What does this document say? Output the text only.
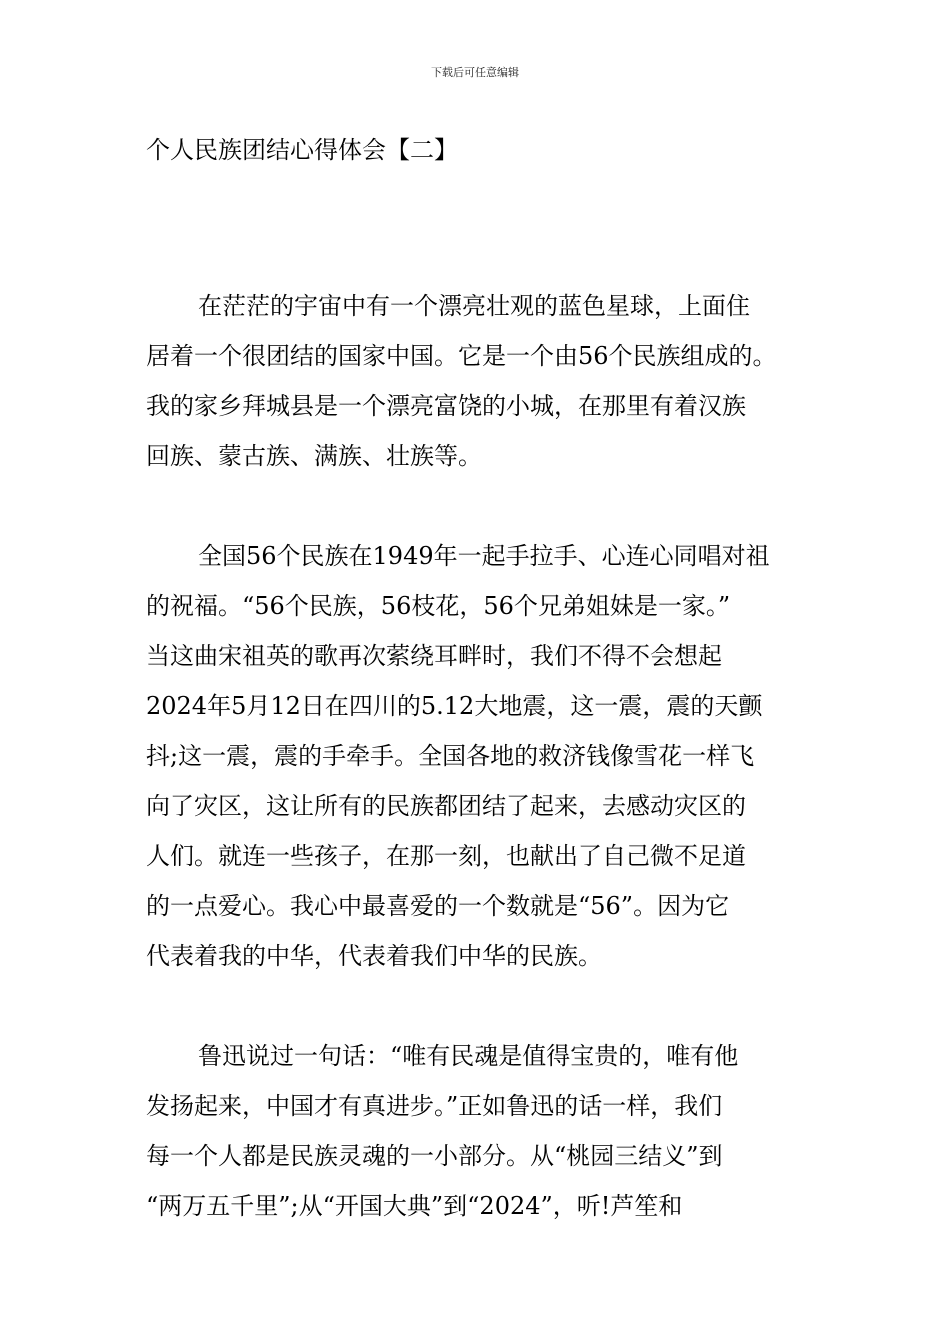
下载后可任意编辑
个人民族团结心得体会【二】

在茫茫的宇宙中有一个漂亮壮观的蓝色星球，上面住
居着一个很团结的国家中国。它是一个由56个民族组成的。
我的家乡拜城县是一个漂亮富饶的小城，在那里有着汉族
回族、蒙古族、满族、壮族等。

全国56个民族在1949年一起手拉手、心连心同唱对祖
的祝福。“56个民族，56枝花，56个兄弟姐妹是一家。”
当这曲宋祖英的歌再次萦绕耳畔时，我们不得不会想起
2024年5月12日在四川的5.12大地震，这一震，震的天颤
抖;这一震，震的手牵手。全国各地的救济钱像雪花一样飞
向了灾区，这让所有的民族都团结了起来，去感动灾区的
人们。就连一些孩子，在那一刻，也献出了自己微不足道
的一点爱心。我心中最喜爱的一个数就是“56”。因为它
代表着我的中华，代表着我们中华的民族。

鲁迅说过一句话：“唯有民魂是值得宝贵的，唯有他
发扬起来，中国才有真进步。”正如鲁迅的话一样，我们
每一个人都是民族灵魂的一小部分。从“桃园三结义”到
“两万五千里”;从“开国大典”到“2024”，听!芦笙和
